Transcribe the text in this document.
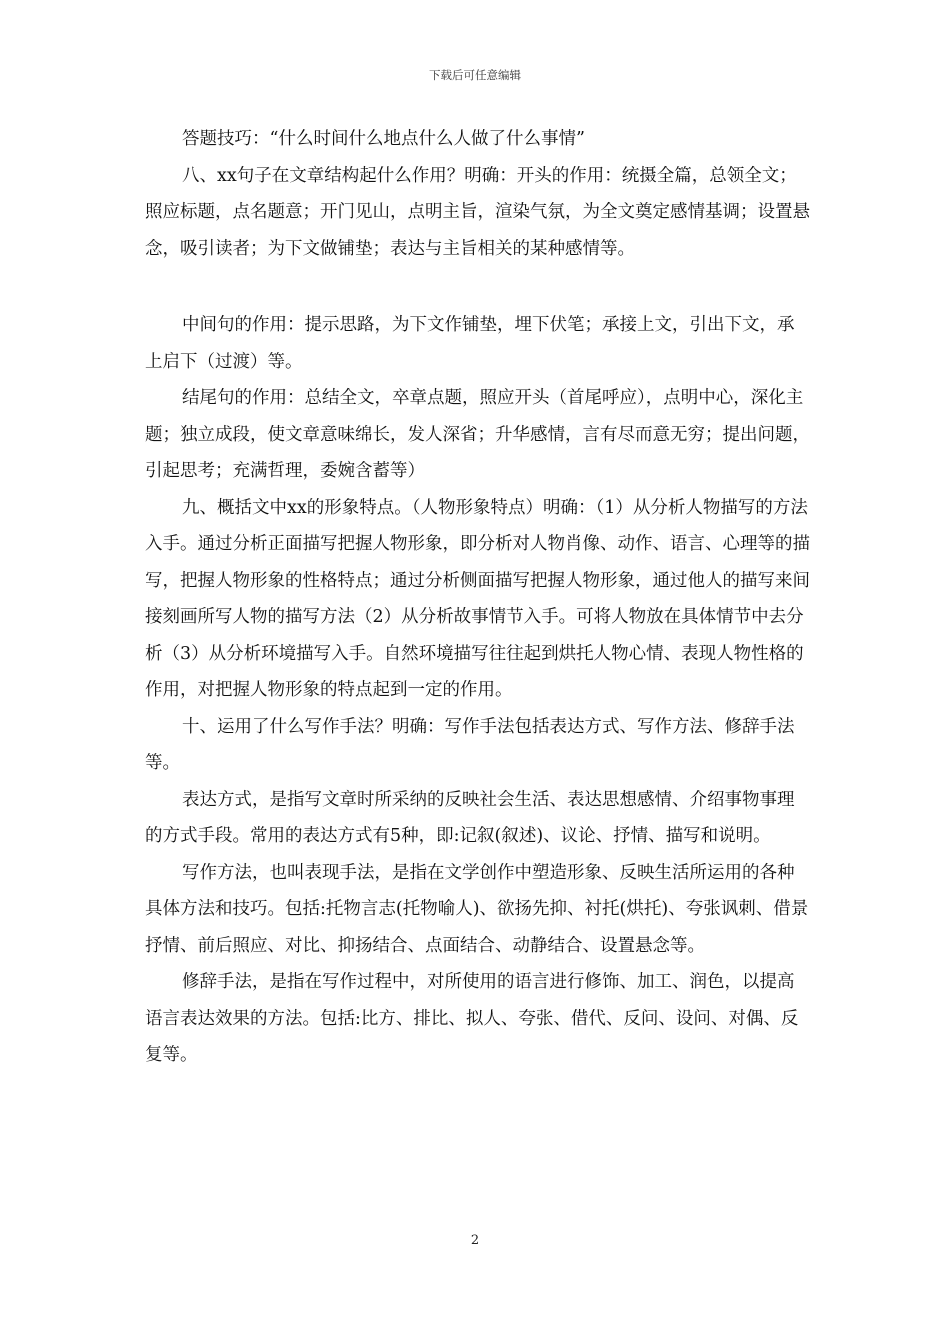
下载后可任意编辑

答题技巧：“什么时间什么地点什么人做了什么事情”

八、xx句子在文章结构起什么作用？明确：开头的作用：统摄全篇，总领全文；照应标题，点名题意；开门见山，点明主旨，渲染气氛，为全文奠定感情基调；设置悬念，吸引读者；为下文做铺垫；表达与主旨相关的某种感情等。

中间句的作用：提示思路，为下文作铺垫，埋下伏笔；承接上文，引出下文，承上启下（过渡）等。

结尾句的作用：总结全文，卒章点题，照应开头（首尾呼应），点明中心，深化主题；独立成段，使文章意味绵长，发人深省；升华感情，言有尽而意无穷；提出问题，引起思考；充满哲理，委婉含蓄等）

九、概括文中xx的形象特点。（人物形象特点）明确：（1）从分析人物描写的方法入手。通过分析正面描写把握人物形象，即分析对人物肖像、动作、语言、心理等的描写，把握人物形象的性格特点；通过分析侧面描写把握人物形象，通过他人的描写来间接刻画所写人物的描写方法（2）从分析故事情节入手。可将人物放在具体情节中去分析（3）从分析环境描写入手。自然环境描写往往起到烘托人物心情、表现人物性格的作用，对把握人物形象的特点起到一定的作用。

十、运用了什么写作手法？明确：写作手法包括表达方式、写作方法、修辞手法等。

表达方式，是指写文章时所采纳的反映社会生活、表达思想感情、介绍事物事理的方式手段。常用的表达方式有5种，即:记叙(叙述)、议论、抒情、描写和说明。

写作方法，也叫表现手法，是指在文学创作中塑造形象、反映生活所运用的各种具体方法和技巧。包括:托物言志(托物喻人)、欲扬先抑、衬托(烘托)、夸张讽刺、借景抒情、前后照应、对比、抑扬结合、点面结合、动静结合、设置悬念等。

修辞手法，是指在写作过程中，对所使用的语言进行修饰、加工、润色，以提高语言表达效果的方法。包括:比方、排比、拟人、夸张、借代、反问、设问、对偶、反复等。

2
